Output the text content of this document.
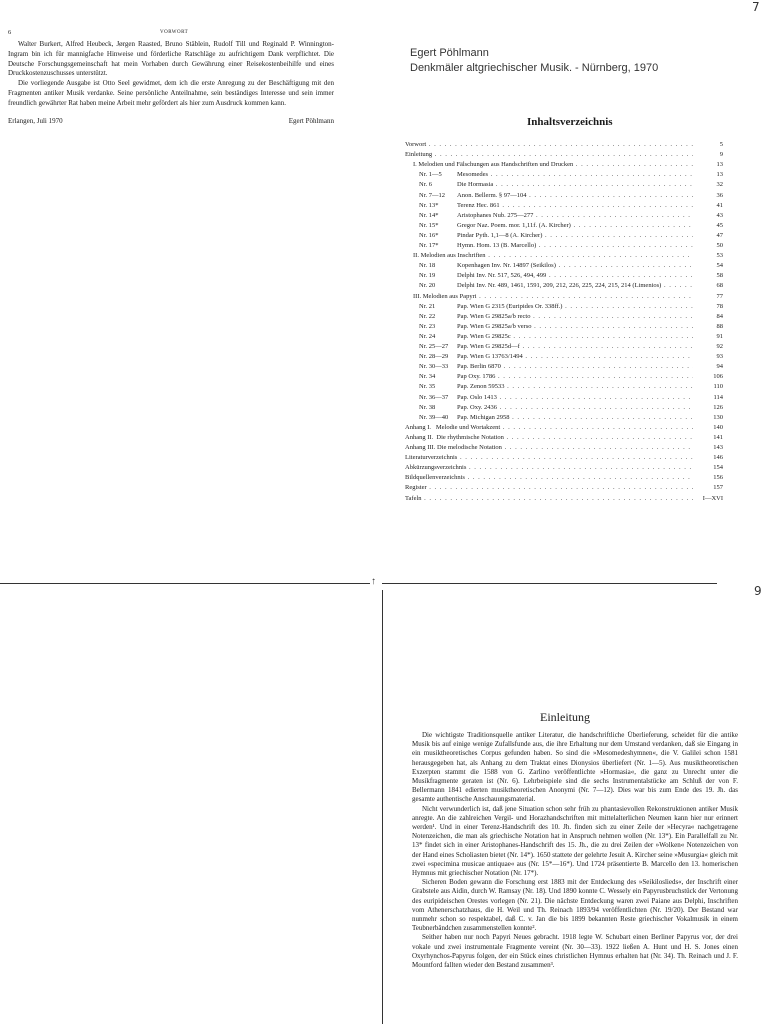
6	VORWORT

Walter Burkert, Alfred Heubeck, Jørgen Raasted, Bruno Stäblein, Rudolf Till und Reginald P. Winnington-Ingram bin ich für mannigfache Hinweise und förderliche Ratschläge zu aufrichtigem Dank verpflichtet. Die Deutsche Forschungsgemeinschaft hat mein Vorhaben durch Gewährung einer Reisekostenbeihilfe und eines Druckkostenzuschusses unterstützt.

Die vorliegende Ausgabe ist Otto Seel gewidmet, dem ich die erste Anregung zu der Beschäftigung mit den Fragmenten antiker Musik verdanke. Seine persönliche Anteilnahme, sein beständiges Interesse und sein immer freundlich gewährter Rat haben meine Arbeit mehr gefördert als hier zum Ausdruck kommen kann.

Erlangen, Juli 1970	Egert Pöhlmann
7
9
Egert Pöhlmann
Denkmäler altgriechischer Musik. - Nürnberg, 1970
Inhaltsverzeichnis
Vorwort . . .	5
Einleitung . . .	9
I. Melodien und Fälschungen aus Handschriften und Drucken . . .	13
Nr. 1—5 Mesomedes . . .	13
Nr. 6	Die Hormasia . . .	32
Nr. 7—12 Anon. Bellerm. § 97—104 . . .	36
Nr. 13*	Terenz Hec. 861 . . .	41
Nr. 14*	Aristophanes Nub. 275—277 . . .	43
Nr. 15*	Gregor Naz. Poem. mor. 1,11f. (A. Kircher) . . .	45
Nr. 16*	Pindar Pyth. 1,1—8 (A. Kircher) . . .	47
Nr. 17*	Hymn. Hom. 13 (B. Marcello) . . .	50
II. Melodien aus Inschriften . . .	53
Nr. 18	Kopenhagen Inv. Nr. 14897 (Seikilos) . . .	54
Nr. 19	Delphi Inv. Nr. 517, 526, 494, 499 . . .	58
Nr. 20	Delphi Inv. Nr. 489, 1461, 1591, 209, 212, 226, 225, 224, 215, 214 (Limenios) . . .	68
III. Melodien aus Papyri . . .	77
Nr. 21	Pap. Wien G 2315 (Euripides Or. 338ff.) . . .	78
Nr. 22	Pap. Wien G 29825a/b recto . . .	84
Nr. 23	Pap. Wien G 29825a/b verso . . .	88
Nr. 24	Pap. Wien G 29825c . . .	91
Nr. 25—27 Pap. Wien G 29825d—f . . .	92
Nr. 28—29 Pap. Wien G 13763/1494 . . .	93
Nr. 30—33 Pap. Berlin 6870 . . .	94
Nr. 34	Pap Oxy. 1786 . . .	106
Nr. 35	Pap. Zenon 59533 . . .	110
Nr. 36—37 Pap. Oslo 1413 . . .	114
Nr. 38	Pap. Oxy. 2436 . . .	126
Nr. 39—40 Pap. Michigan 2958 . . .	130
Anhang I.   Melodie und Wortakzent . . .	140
Anhang II.  Die rhythmische Notation . . .	141
Anhang III. Die melodische Notation . . .	143
Literaturverzeichnis . . .	146
Abkürzungsverzeichnis . . .	154
Bildquellenverzeichnis . . .	156
Register . . .	157
Tafeln . . .	I—XVI
↑
Einleitung

Die wichtigste Traditionsquelle antiker Literatur, die handschriftliche Überlieferung, scheidet für die antike Musik bis auf einige wenige Zufallsfunde aus, die ihre Erhaltung nur dem Umstand verdanken, daß sie Eingang in ein musiktheoretisches Corpus gefunden haben. So sind die »Mesomedeshymnen«, die V. Galilei schon 1581 herausgegeben hat, als Anhang zu dem Traktat eines Dionysios überliefert (Nr. 1—5). Aus musiktheoretischen Exzerpten stammt die 1588 von G. Zarlino veröffentlichte »Hormasia«, die ganz zu Unrecht unter die Musikfragmente geraten ist (Nr. 6). Lehrbeispiele sind die sechs Instrumentalstücke am Schluß der von F. Bellermann 1841 edierten musiktheoretischen Anonymi (Nr. 7—12). Dies war bis zum Ende des 19. Jh. das gesamte authentische Anschauungsmaterial.

Nicht verwunderlich ist, daß jene Situation schon sehr früh zu phantasievollen Rekonstruktionen antiker Musik anregte. An die zahlreichen Vergil- und Horazhandschriften mit mittelalterlichen Neumen kann hier nur erinnert werden¹. Und in einer Terenz-Handschrift des 10. Jh. finden sich zu einer Zeile der »Hecyra« nachgetragene Notenzeichen, die man als griechische Notation hat in Anspruch nehmen wollen (Nr. 13*). Ein Parallelfall zu Nr. 13* findet sich in einer Aristophanes-Handschrift des 15. Jh., die zu drei Zeilen der »Wolken« Notenzeichen von der Hand eines Scholiasten bietet (Nr. 14*). 1650 stattete der gelehrte Jesuit A. Kircher seine »Musurgia« gleich mit zwei »specimina musicae antiquae« aus (Nr. 15*—16*). Und 1724 präsentierte B. Marcello den 13. homerischen Hymnus mit griechischer Notation (Nr. 17*).

Sicheren Boden gewann die Forschung erst 1883 mit der Entdeckung des »Seikiloslieds«, der Inschrift einer Grabstele aus Aidin, durch W. Ramsay (Nr. 18). Und 1890 konnte C. Wessely ein Papyrusbruchstück der Vertonung des euripideischen Orestes vorlegen (Nr. 21). Die nächste Entdeckung waren zwei Paiane aus Delphi, Inschriften vom Athenerschatzhaus, die H. Weil und Th. Reinach 1893/94 veröffentlichten (Nr. 19/20). Der Bestand war nunmehr schon so respektabel, daß C. v. Jan die bis 1899 bekannten Reste griechischer Vokalmusik in einem Teubnerbändchen zusammenstellen konnte².

Seither haben nur noch Papyri Neues gebracht. 1918 legte W. Schubart einen Berliner Papyrus vor, der drei vokale und zwei instrumentale Fragmente vereint (Nr. 30—33). 1922 ließen A. Hunt und H. S. Jones einen Oxyrhynchos-Papyrus folgen, der ein Stück eines christlichen Hymnus erhalten hat (Nr. 34). Th. Reinach und J. F. Mountford fallten wieder den Bestand zusammen³.
